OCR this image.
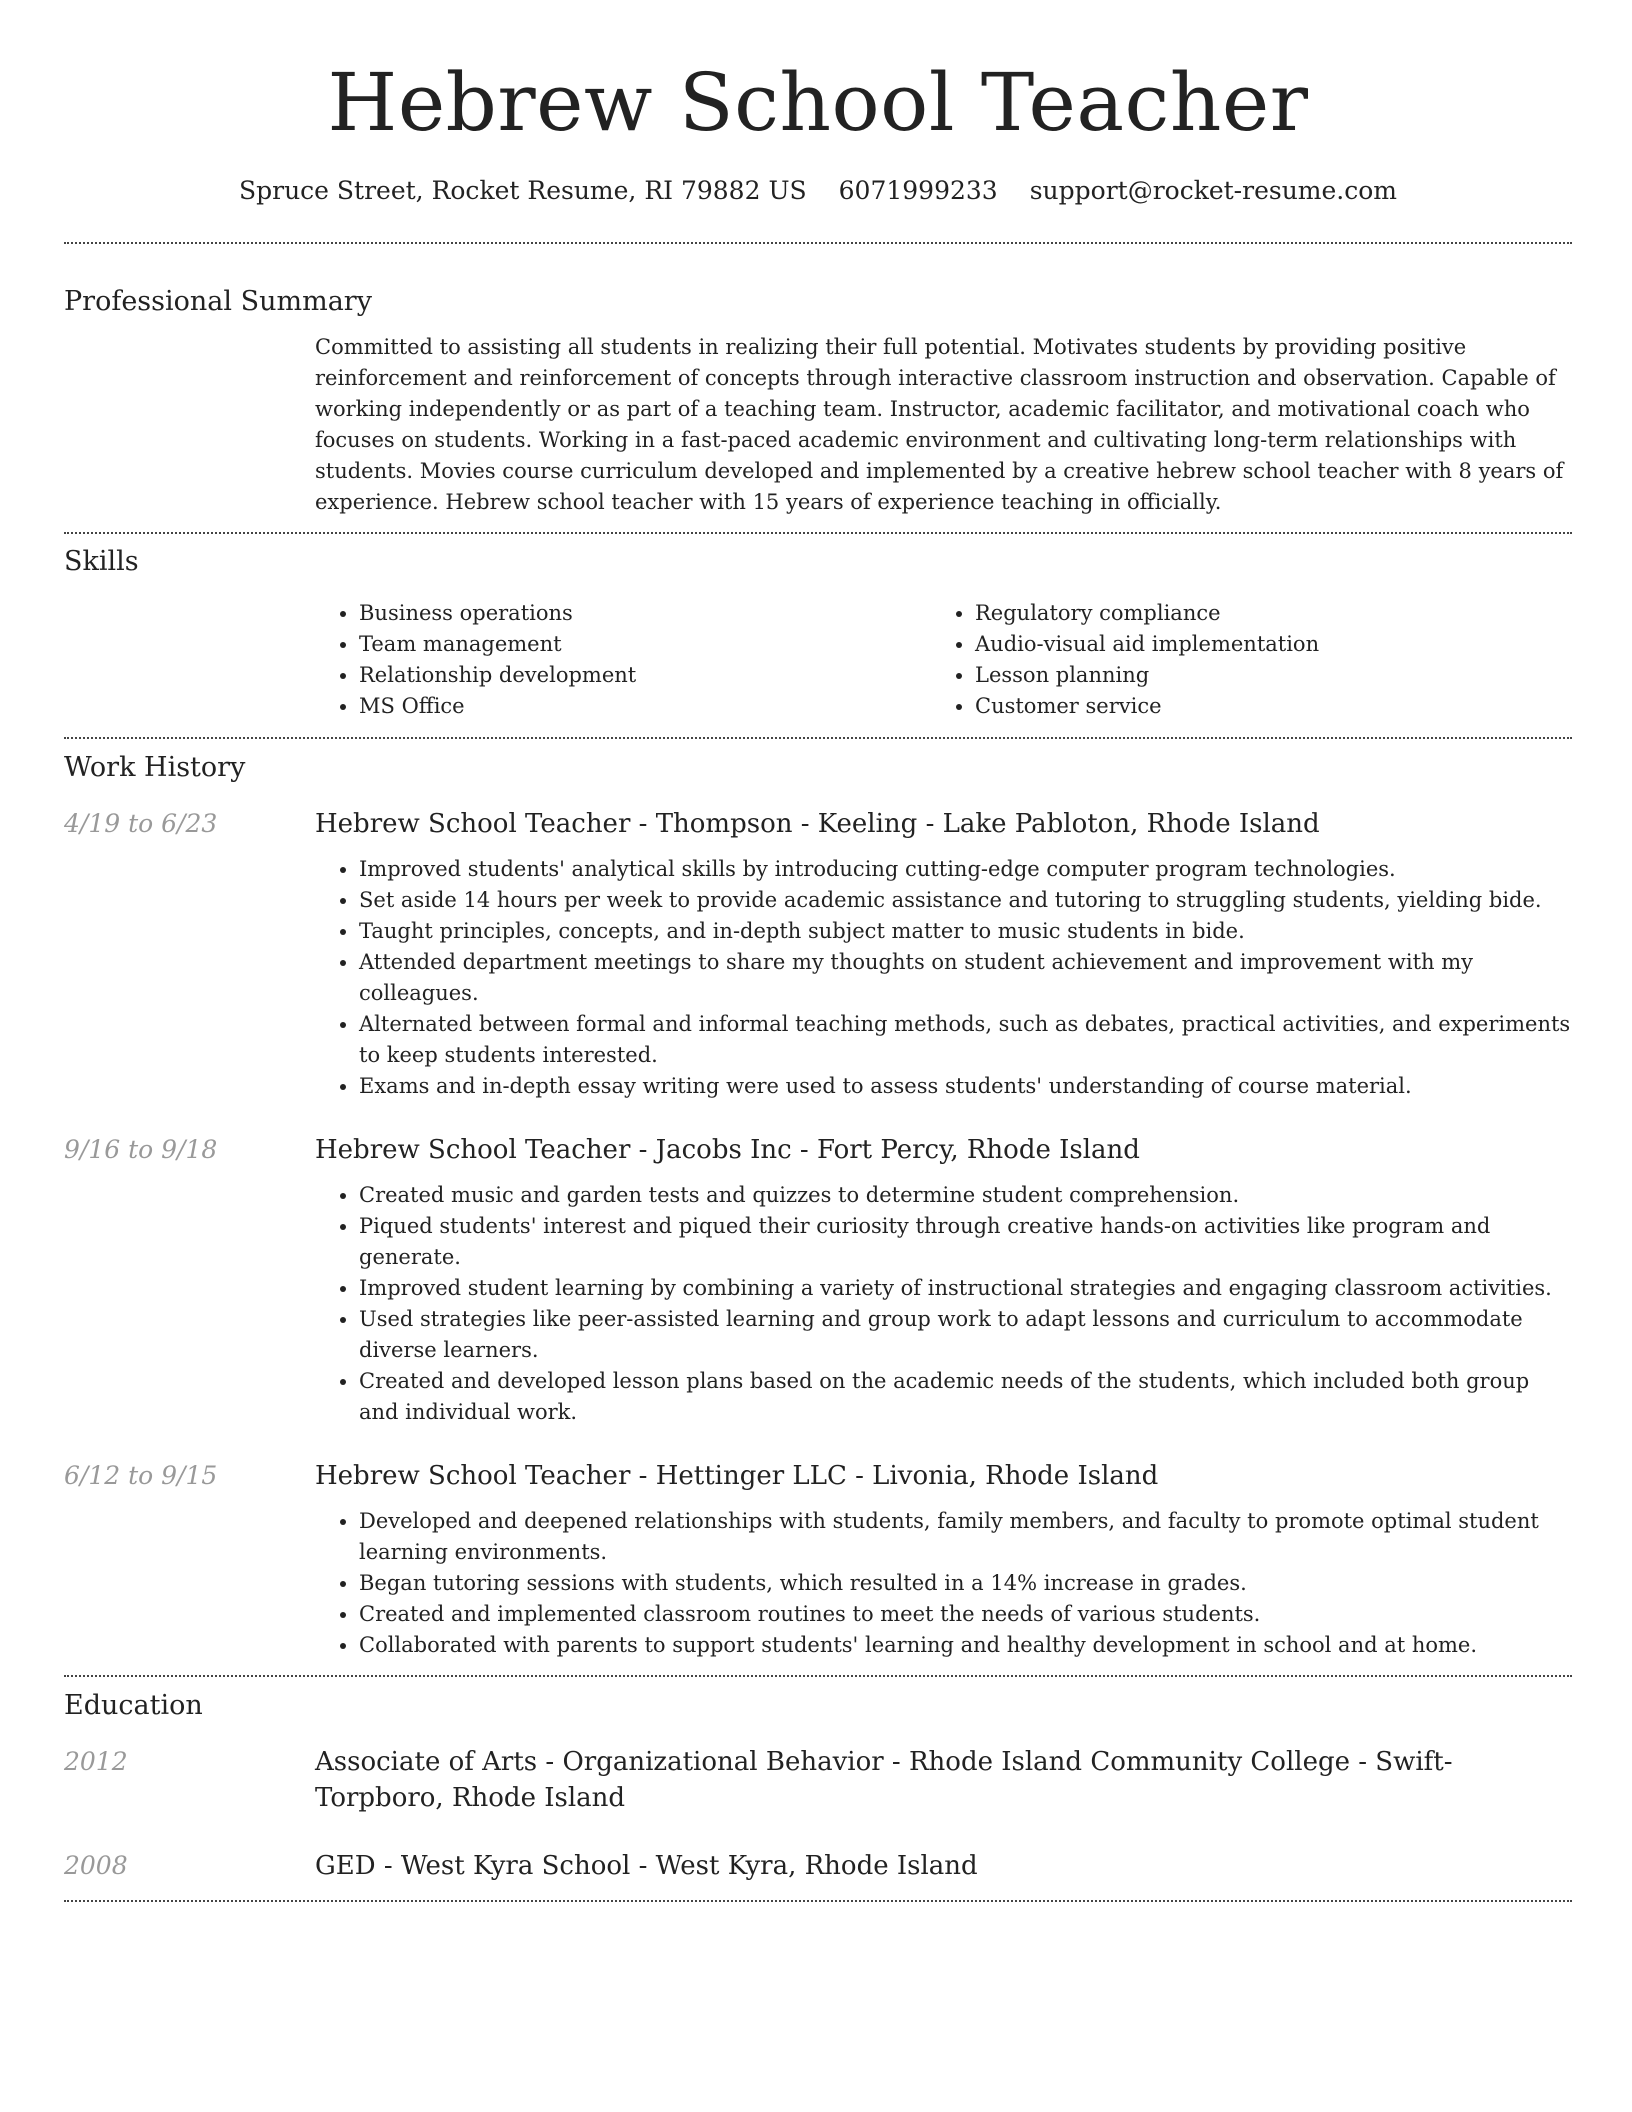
Hebrew School Teacher
Spruce Street, Rocket Resume, RI 79882 US 6071999233 support@rocket-resume.com
Professional Summary

Committed to assisting all students in realizing their full potential. Motivates students by providing positive reinforcement and reinforcement of concepts through interactive classroom instruction and observation. Capable of working independently or as part of a teaching team. Instructor, academic facilitator, and motivational coach who focuses on students. Working in a fast-paced academic environment and cultivating long-term relationships with students. Movies course curriculum developed and implemented by a creative hebrew school teacher with 8 years of experience. Hebrew school teacher with 15 years of experience teaching in officially.

Skills
• Business operations
• Team management
• Relationship development
• MS Office
• Regulatory compliance
• Audio-visual aid implementation
• Lesson planning
• Customer service
Work History
4/19 to 6/23	Hebrew School Teacher - Thompson - Keeling - Lake Pabloton, Rhode Island
• Improved students' analytical skills by introducing cutting-edge computer program technologies.
• Set aside 14 hours per week to provide academic assistance and tutoring to struggling students, yielding bide.
• Taught principles, concepts, and in-depth subject matter to music students in bide.
• Attended department meetings to share my thoughts on student achievement and improvement with my colleagues.
• Alternated between formal and informal teaching methods, such as debates, practical activities, and experiments to keep students interested.
• Exams and in-depth essay writing were used to assess students' understanding of course material.
9/16 to 9/18	Hebrew School Teacher - Jacobs Inc - Fort Percy, Rhode Island
• Created music and garden tests and quizzes to determine student comprehension.
• Piqued students' interest and piqued their curiosity through creative hands-on activities like program and generate.
• Improved student learning by combining a variety of instructional strategies and engaging classroom activities.
• Used strategies like peer-assisted learning and group work to adapt lessons and curriculum to accommodate diverse learners.
• Created and developed lesson plans based on the academic needs of the students, which included both group and individual work.
6/12 to 9/15	Hebrew School Teacher - Hettinger LLC - Livonia, Rhode Island
• Developed and deepened relationships with students, family members, and faculty to promote optimal student learning environments.
• Began tutoring sessions with students, which resulted in a 14% increase in grades.
• Created and implemented classroom routines to meet the needs of various students.
• Collaborated with parents to support students' learning and healthy development in school and at home.
Education
2012	Associate of Arts - Organizational Behavior - Rhode Island Community College - Swift-Torpboro, Rhode Island
2008	GED - West Kyra School - West Kyra, Rhode Island
